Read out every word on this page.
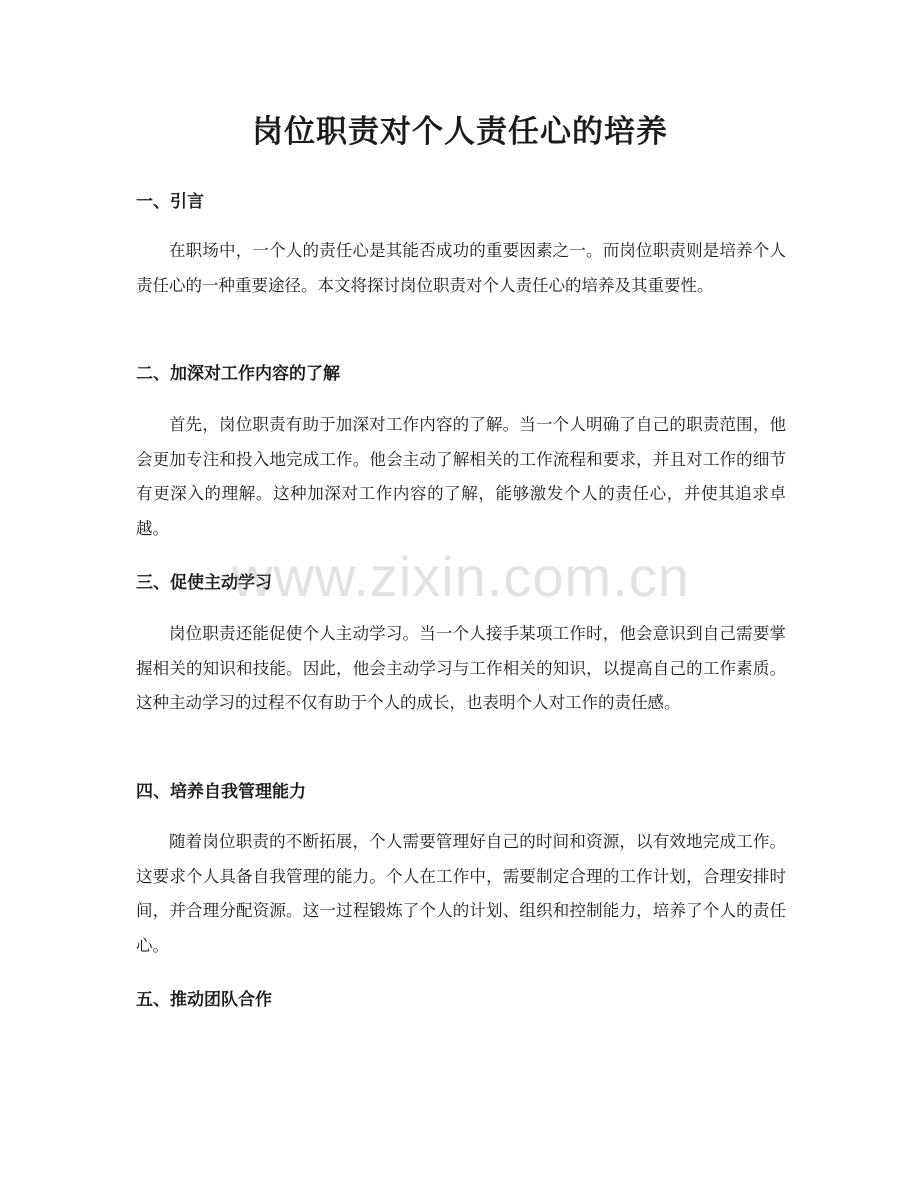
岗位职责对个人责任心的培养
一、引言

在职场中，一个人的责任心是其能否成功的重要因素之一。而岗位职责则是培养个人责任心的一种重要途径。本文将探讨岗位职责对个人责任心的培养及其重要性。

二、加深对工作内容的了解

首先，岗位职责有助于加深对工作内容的了解。当一个人明确了自己的职责范围，他会更加专注和投入地完成工作。他会主动了解相关的工作流程和要求，并且对工作的细节有更深入的理解。这种加深对工作内容的了解，能够激发个人的责任心，并使其追求卓越。

三、促使主动学习

岗位职责还能促使个人主动学习。当一个人接手某项工作时，他会意识到自己需要掌握相关的知识和技能。因此，他会主动学习与工作相关的知识，以提高自己的工作素质。这种主动学习的过程不仅有助于个人的成长，也表明个人对工作的责任感。

四、培养自我管理能力

随着岗位职责的不断拓展，个人需要管理好自己的时间和资源，以有效地完成工作。这要求个人具备自我管理的能力。个人在工作中，需要制定合理的工作计划，合理安排时间，并合理分配资源。这一过程锻炼了个人的计划、组织和控制能力，培养了个人的责任心。

五、推动团队合作
www.zixin.com.cn
